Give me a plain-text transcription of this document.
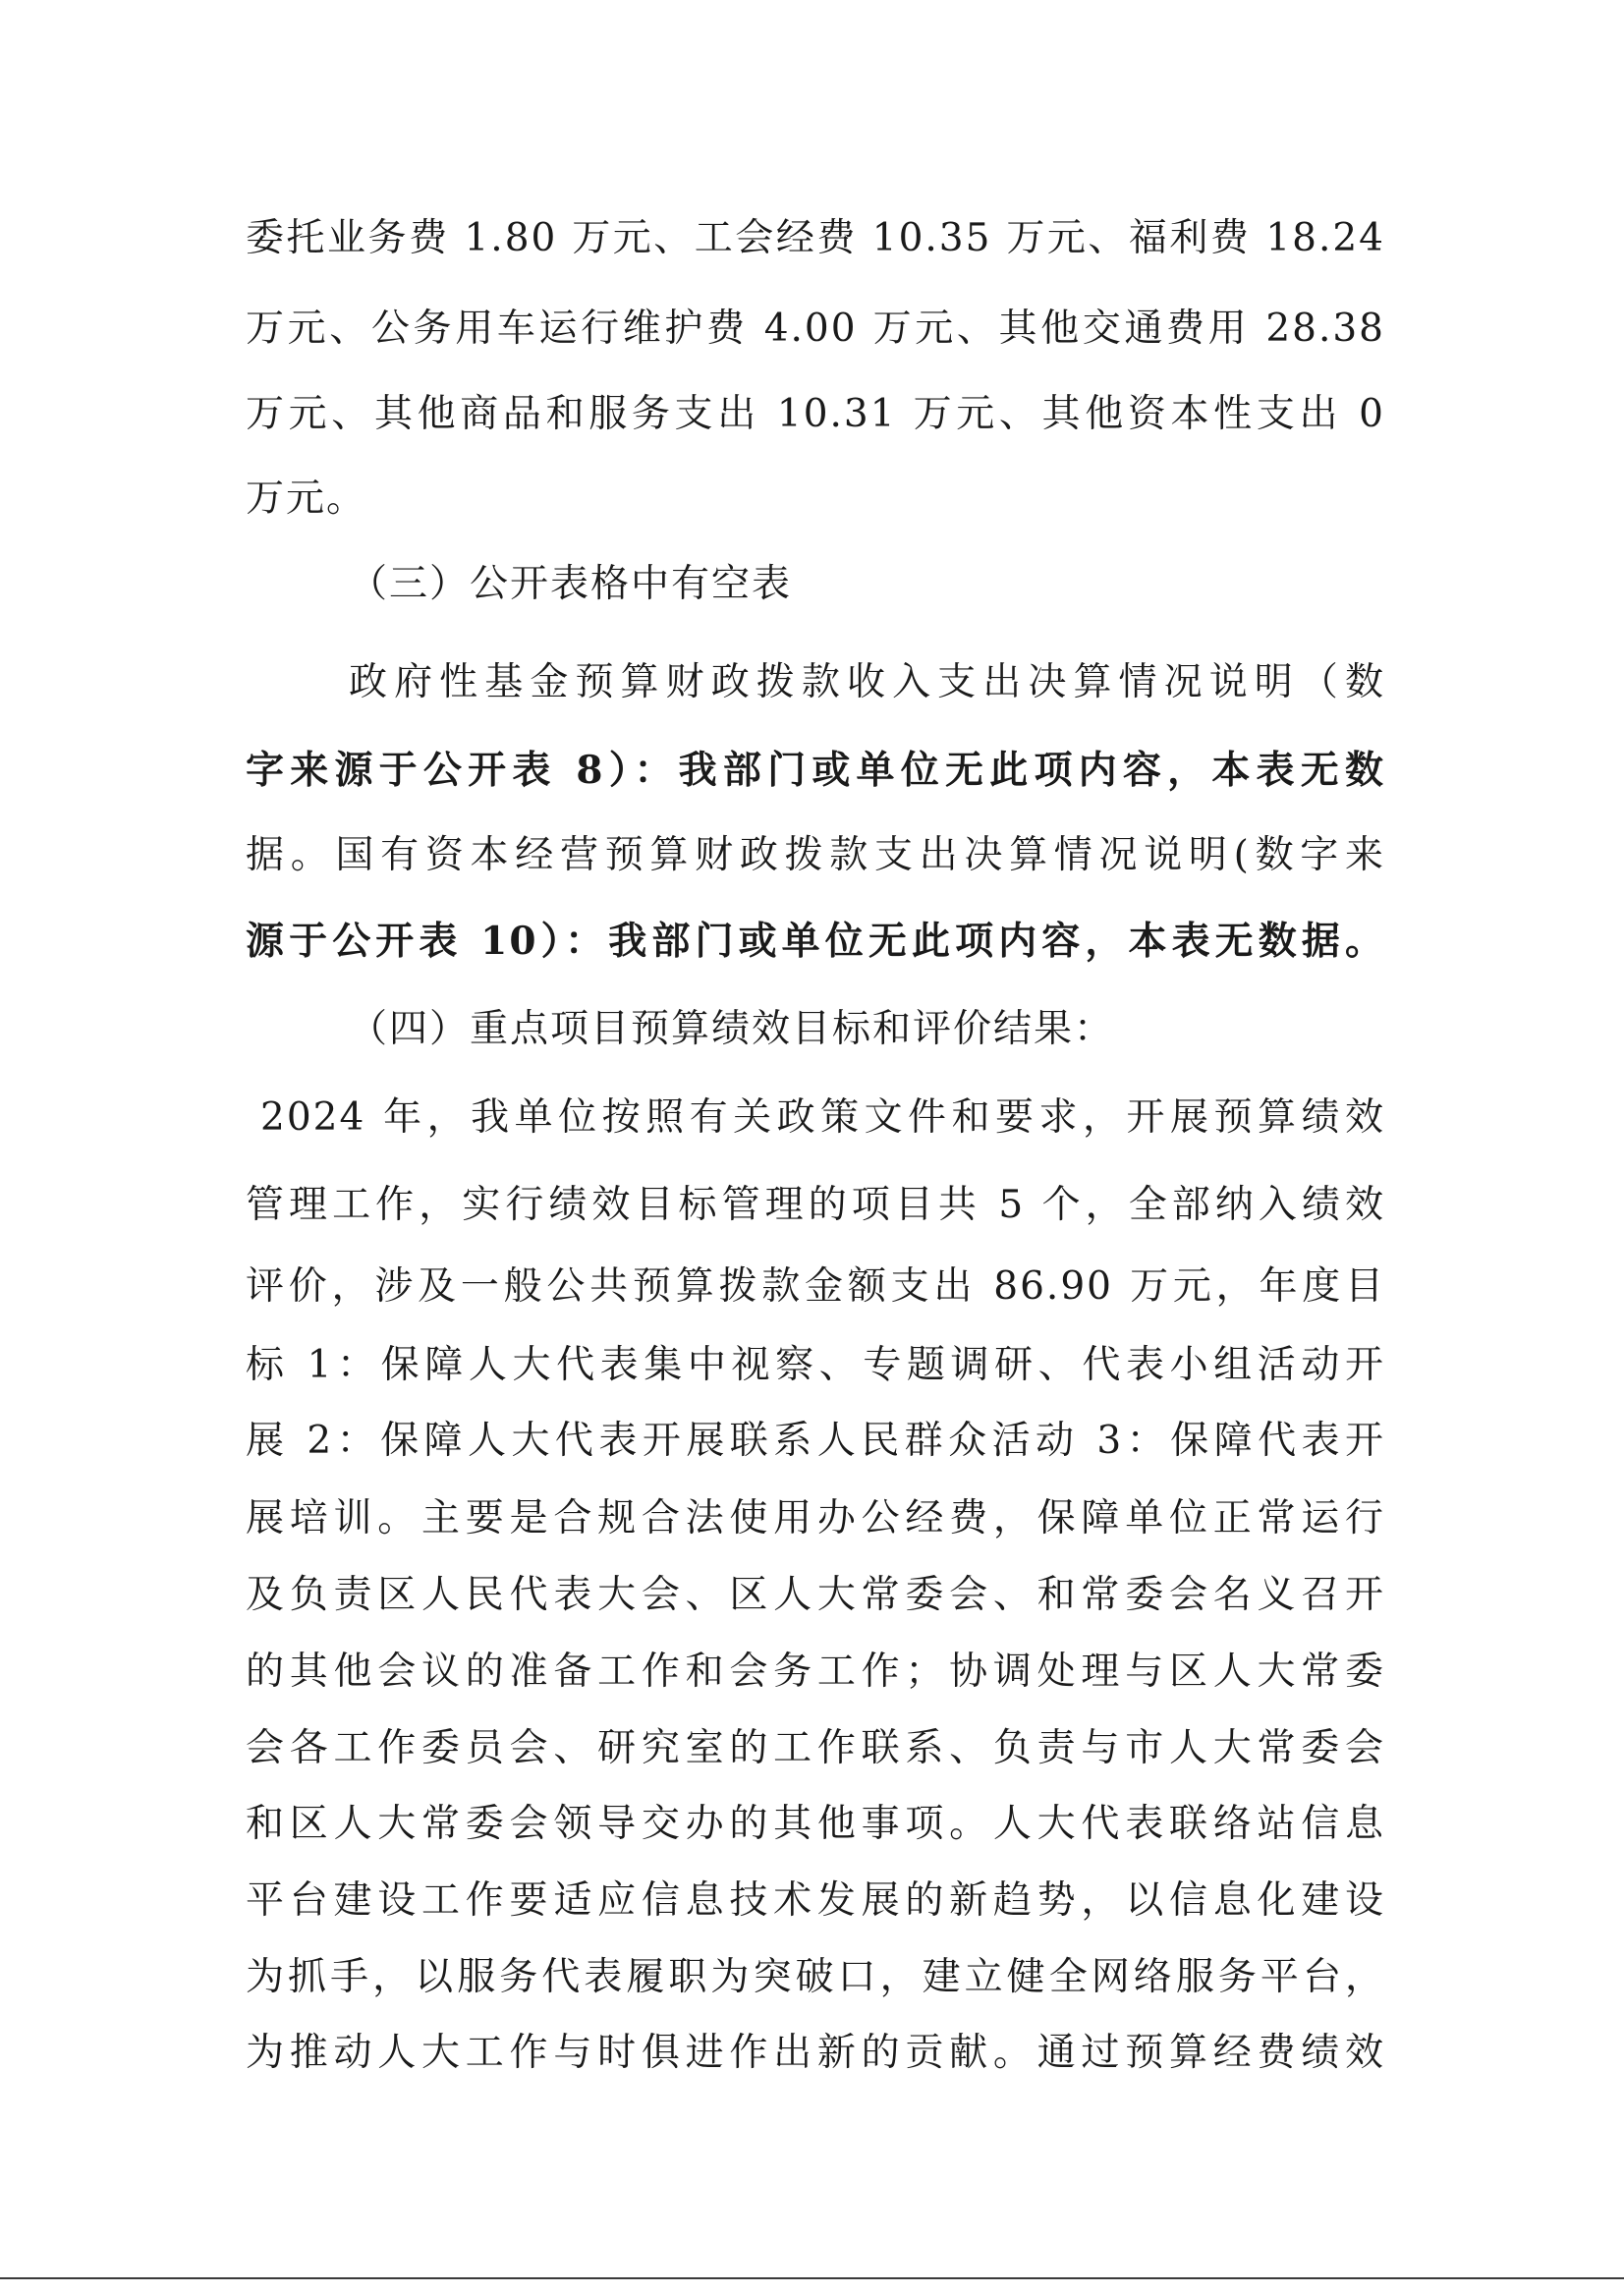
委托业务费 1.80 万元、工会经费 10.35 万元、福利费 18.24
万元、公务用车运行维护费 4.00 万元、其他交通费用 28.38
万元、其他商品和服务支出 10.31 万元、其他资本性支出 0
万元。
（三）公开表格中有空表
政府性基金预算财政拨款收入支出决算情况说明（数
字来源于公开表 8）：我部门或单位无此项内容，本表无数
据。国有资本经营预算财政拨款支出决算情况说明(数字来
源于公开表 10）：我部门或单位无此项内容，本表无数据。
（四）重点项目预算绩效目标和评价结果：
2024 年，我单位按照有关政策文件和要求，开展预算绩效
管理工作，实行绩效目标管理的项目共 5 个，全部纳入绩效
评价，涉及一般公共预算拨款金额支出 86.90 万元，年度目
标 1：保障人大代表集中视察、专题调研、代表小组活动开
展 2：保障人大代表开展联系人民群众活动 3：保障代表开
展培训。主要是合规合法使用办公经费，保障单位正常运行
及负责区人民代表大会、区人大常委会、和常委会名义召开
的其他会议的准备工作和会务工作；协调处理与区人大常委
会各工作委员会、研究室的工作联系、负责与市人大常委会
和区人大常委会领导交办的其他事项。人大代表联络站信息
平台建设工作要适应信息技术发展的新趋势，以信息化建设
为抓手，以服务代表履职为突破口，建立健全网络服务平台，
为推动人大工作与时俱进作出新的贡献。通过预算经费绩效
